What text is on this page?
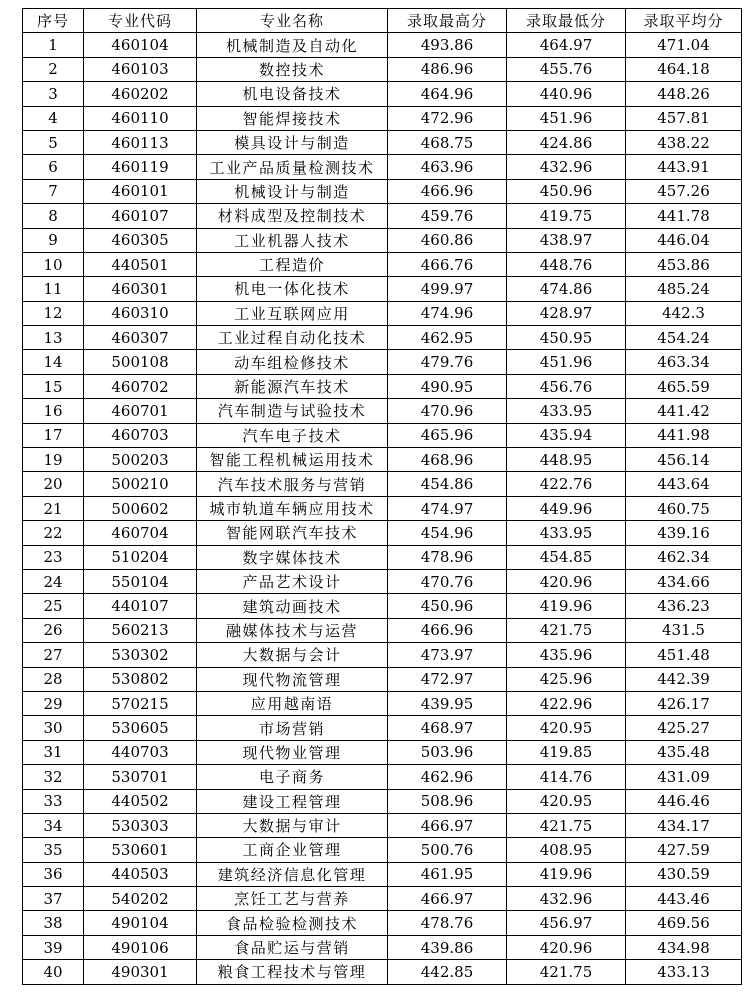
序号	专业代码	专业名称	录取最高分	录取最低分	录取平均分
1	460104	机械制造及自动化	493.86	464.97	471.04
2	460103	数控技术	486.96	455.76	464.18
3	460202	机电设备技术	464.96	440.96	448.26
4	460110	智能焊接技术	472.96	451.96	457.81
5	460113	模具设计与制造	468.75	424.86	438.22
6	460119	工业产品质量检测技术	463.96	432.96	443.91
7	460101	机械设计与制造	466.96	450.96	457.26
8	460107	材料成型及控制技术	459.76	419.75	441.78
9	460305	工业机器人技术	460.86	438.97	446.04
10	440501	工程造价	466.76	448.76	453.86
11	460301	机电一体化技术	499.97	474.86	485.24
12	460310	工业互联网应用	474.96	428.97	442.3
13	460307	工业过程自动化技术	462.95	450.95	454.24
14	500108	动车组检修技术	479.76	451.96	463.34
15	460702	新能源汽车技术	490.95	456.76	465.59
16	460701	汽车制造与试验技术	470.96	433.95	441.42
17	460703	汽车电子技术	465.96	435.94	441.98
19	500203	智能工程机械运用技术	468.96	448.95	456.14
20	500210	汽车技术服务与营销	454.86	422.76	443.64
21	500602	城市轨道车辆应用技术	474.97	449.96	460.75
22	460704	智能网联汽车技术	454.96	433.95	439.16
23	510204	数字媒体技术	478.96	454.85	462.34
24	550104	产品艺术设计	470.76	420.96	434.66
25	440107	建筑动画技术	450.96	419.96	436.23
26	560213	融媒体技术与运营	466.96	421.75	431.5
27	530302	大数据与会计	473.97	435.96	451.48
28	530802	现代物流管理	472.97	425.96	442.39
29	570215	应用越南语	439.95	422.96	426.17
30	530605	市场营销	468.97	420.95	425.27
31	440703	现代物业管理	503.96	419.85	435.48
32	530701	电子商务	462.96	414.76	431.09
33	440502	建设工程管理	508.96	420.95	446.46
34	530303	大数据与审计	466.97	421.75	434.17
35	530601	工商企业管理	500.76	408.95	427.59
36	440503	建筑经济信息化管理	461.95	419.96	430.59
37	540202	烹饪工艺与营养	466.97	432.96	443.46
38	490104	食品检验检测技术	478.76	456.97	469.56
39	490106	食品贮运与营销	439.86	420.96	434.98
40	490301	粮食工程技术与管理	442.85	421.75	433.13
